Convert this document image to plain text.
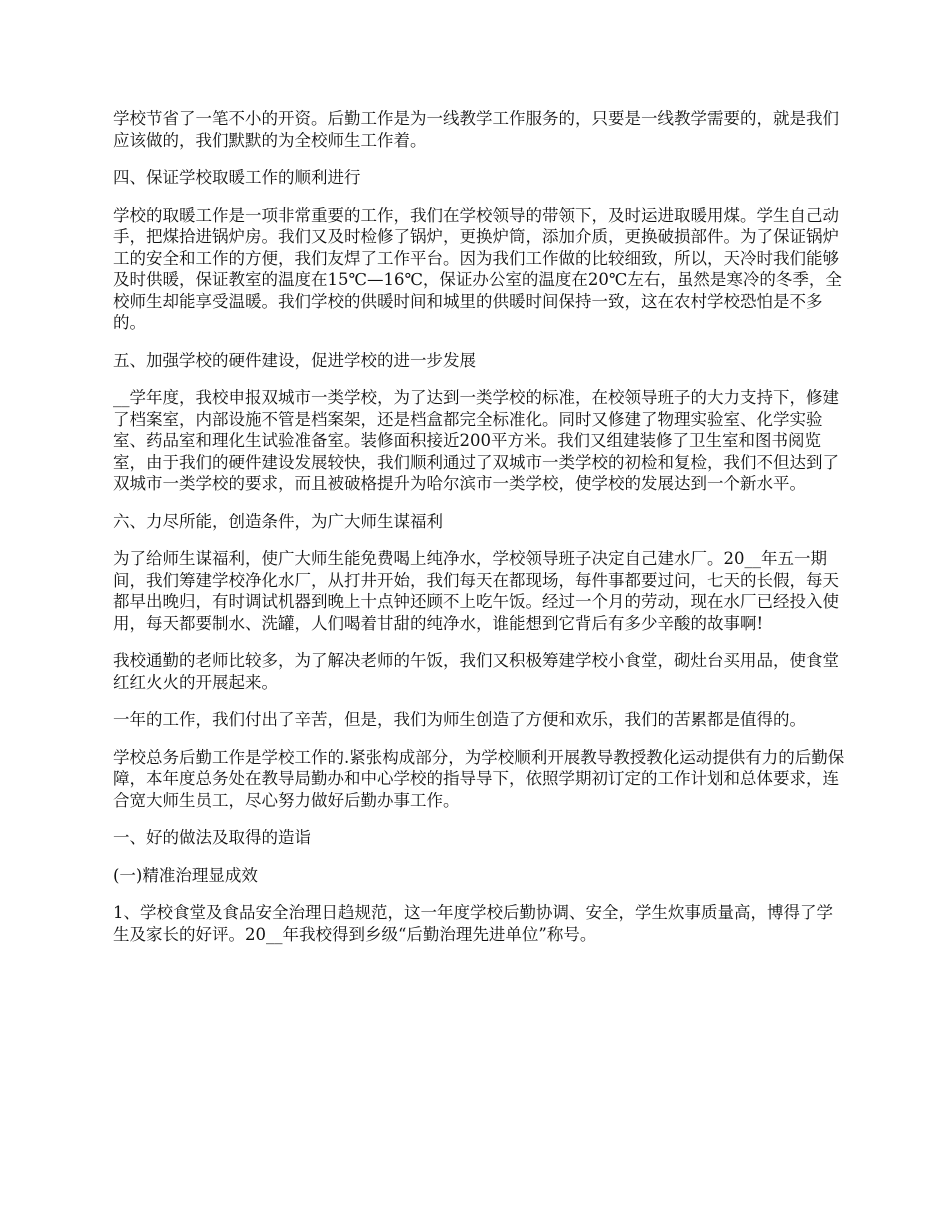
学校节省了一笔不小的开资。后勤工作是为一线教学工作服务的，只要是一线教学需要的，就是我们应该做的，我们默默的为全校师生工作着。

四、保证学校取暖工作的顺利进行

学校的取暖工作是一项非常重要的工作，我们在学校领导的带领下，及时运进取暖用煤。学生自己动手，把煤拾进锅炉房。我们又及时检修了锅炉，更换炉筒，添加介质，更换破损部件。为了保证锅炉工的安全和工作的方便，我们友焊了工作平台。因为我们工作做的比较细致，所以，天冷时我们能够及时供暖，保证教室的温度在15℃—16℃，保证办公室的温度在20℃左右，虽然是寒冷的冬季，全校师生却能享受温暖。我们学校的供暖时间和城里的供暖时间保持一致，这在农村学校恐怕是不多的。

五、加强学校的硬件建设，促进学校的进一步发展

__学年度，我校申报双城市一类学校，为了达到一类学校的标准，在校领导班子的大力支持下，修建了档案室，内部设施不管是档案架，还是档盒都完全标准化。同时又修建了物理实验室、化学实验室、药品室和理化生试验准备室。装修面积接近200平方米。我们又组建装修了卫生室和图书阅览室，由于我们的硬件建设发展较快，我们顺利通过了双城市一类学校的初检和复检，我们不但达到了双城市一类学校的要求，而且被破格提升为哈尔滨市一类学校，使学校的发展达到一个新水平。

六、力尽所能，创造条件，为广大师生谋福利

为了给师生谋福利，使广大师生能免费喝上纯净水，学校领导班子决定自己建水厂。20__年五一期间，我们筹建学校净化水厂，从打井开始，我们每天在都现场，每件事都要过问，七天的长假，每天都早出晚归，有时调试机器到晚上十点钟还顾不上吃午饭。经过一个月的劳动，现在水厂已经投入使用，每天都要制水、洗罐，人们喝着甘甜的纯净水，谁能想到它背后有多少辛酸的故事啊!

我校通勤的老师比较多，为了解决老师的午饭，我们又积极筹建学校小食堂，砌灶台买用品，使食堂红红火火的开展起来。

一年的工作，我们付出了辛苦，但是，我们为师生创造了方便和欢乐，我们的苦累都是值得的。

学校总务后勤工作是学校工作的.紧张构成部分，为学校顺利开展教导教授教化运动提供有力的后勤保障，本年度总务处在教导局勤办和中心学校的指导导下，依照学期初订定的工作计划和总体要求，连合宽大师生员工，尽心努力做好后勤办事工作。

一、好的做法及取得的造诣

(一)精准治理显成效

1、学校食堂及食品安全治理日趋规范，这一年度学校后勤协调、安全，学生炊事质量高，博得了学生及家长的好评。20__年我校得到乡级“后勤治理先进单位”称号。
